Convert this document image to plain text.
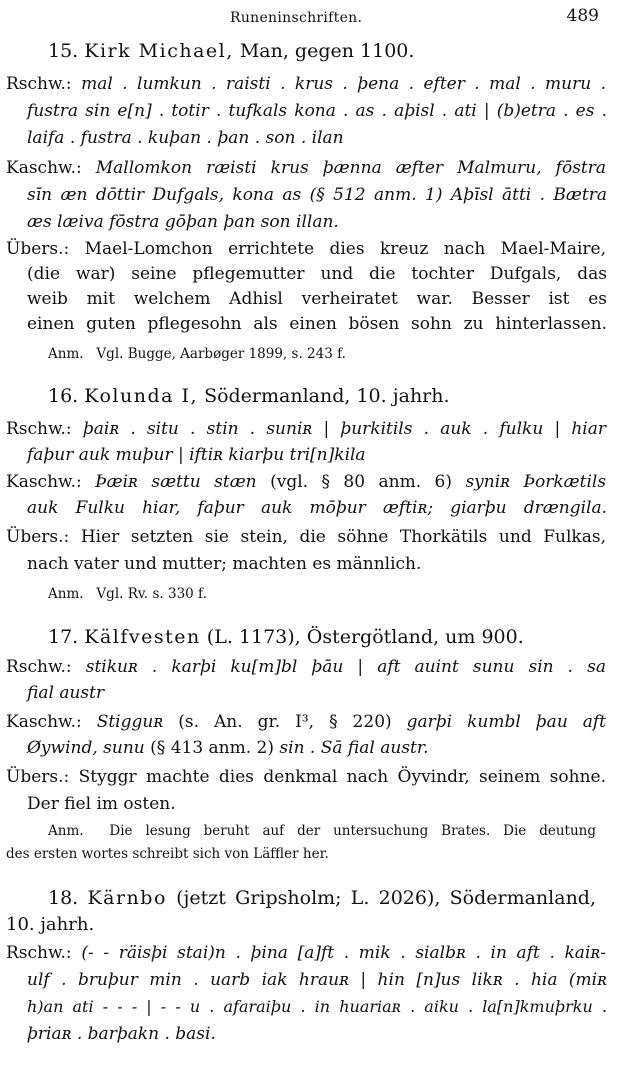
Runeninschriften.	489
15. Kirk Michael, Man, gegen 1100.
Rschw.: mal . lumkun . raisti . krus . þena . efter . mal . muru .
fustra sin e[n] . totir . tufkals kona . as . aþisl . ati | (b)etra . es .
laifa . fustra . kuþan . þan . son . ilan
Kaschw.: Mallomkon ræisti krus þænna æfter Malmuru, fōstra
sīn æn dōttir Dufgals, kona as (§ 512 anm. 1) Aþīsl ātti . Bætra
æs læiva fōstra gōþan þan son illan.
Übers.: Mael-Lomchon errichtete dies kreuz nach Mael-Maire,
(die war) seine pflegemutter und die tochter Dufgals, das
weib mit welchem Adhisl verheiratet war. Besser ist es
einen guten pflegesohn als einen bösen sohn zu hinterlassen.
Anm. Vgl. Bugge, Aarbøger 1899, s. 243 f.
16. Kolunda I, Södermanland, 10. jahrh.
Rschw.: þaiʀ . situ . stin . suniʀ | þurkitils . auk . fulku | hiar
faþur auk muþur | iftiʀ kiarþu tri[n]kila
Kaschw.: Þæiʀ sættu stæn (vgl. § 80 anm. 6) syniʀ Þorkætils
auk Fulku hiar, faþur auk mōþur æftiʀ; giarþu drængila.
Übers.: Hier setzten sie stein, die söhne Thorkätils und Fulkas,
nach vater und mutter; machten es männlich.
Anm. Vgl. Rv. s. 330 f.
17. Kälfvesten (L. 1173), Östergötland, um 900.
Rschw.: stikuʀ . karþi ku[m]bl þāu | aft auint sunu sin . sa
fial austr
Kaschw.: Stigguʀ (s. An. gr. I³, § 220) garþi kumbl þau aft
Øywind, sunu (§ 413 anm. 2) sin . Sā fial austr.
Übers.: Styggr machte dies denkmal nach Öyvindr, seinem sohne.
Der fiel im osten.
Anm. Die lesung beruht auf der untersuchung Brates. Die deutung
des ersten wortes schreibt sich von Läffler her.
18. Kärnbo (jetzt Gripsholm; L. 2026), Södermanland,
10. jahrh.
Rschw.: (- - räisþi stai)n . þina [a]ft . mik . sialbʀ . in aft . kaiʀ-
ulf . bruþur min . uarb iak hrauʀ | hin [n]us likʀ . hia (miʀ
h)an ati - - - | - - u . afaraiþu . in huariaʀ . aiku . la[n]kmuþrku .
þriaʀ . barþakn . basi.
